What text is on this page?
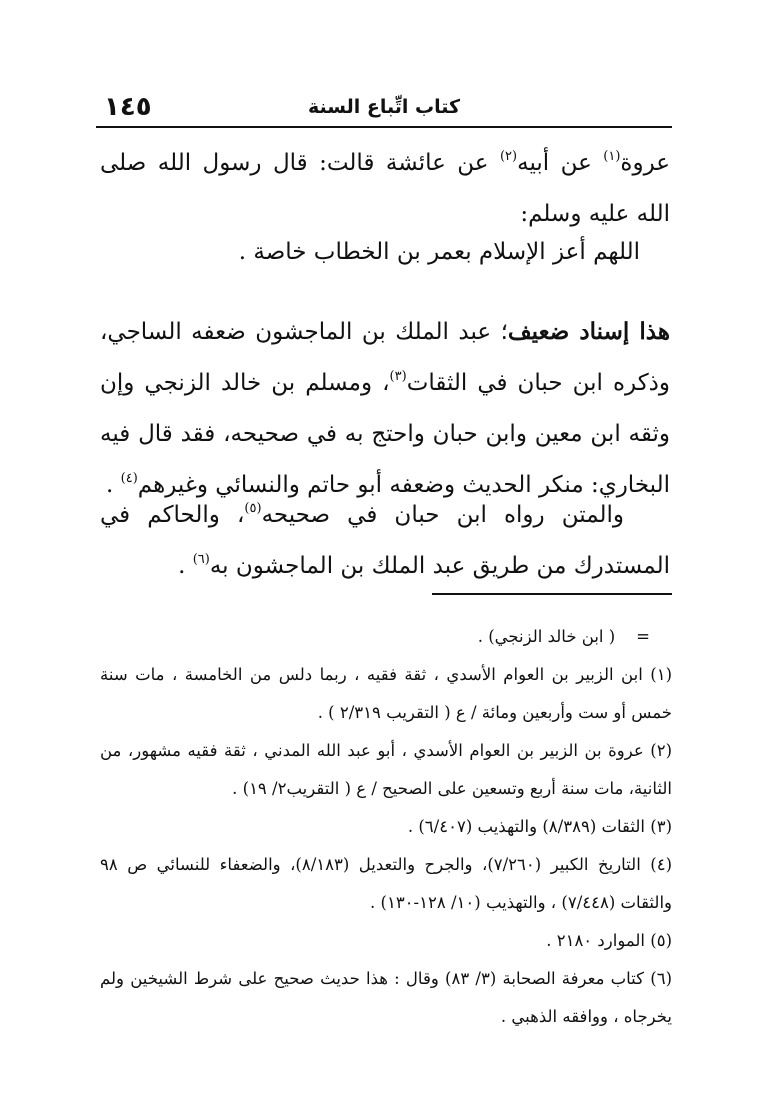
١٤٥	كتاب اتِّباع السنة

عروة$^{(١)}$ عن أبيه$^{(٢)}$ عن عائشة قالت: قال رسول الله صلى الله عليه وسلم:

اللهم أعز الإسلام بعمر بن الخطاب خاصة .

هذا إسناد ضعيف؛ عبد الملك بن الماجشون ضعفه الساجي، وذكره ابن حبان في الثقات$^{(٣)}$، ومسلم بن خالد الزنجي وإن وثقه ابن معين وابن حبان واحتج به في صحيحه، فقد قال فيه البخاري: منكر الحديث وضعفه أبو حاتم والنسائي وغيرهم$^{(٤)}$ .

والمتن رواه ابن حبان في صحيحه$^{(٥)}$، والحاكم في المستدرك من طريق عبد الملك بن الماجشون به$^{(٦)}$ .

=    ( ابن خالد الزنجي) .

(١) ابن الزبير بن العوام الأسدي ، ثقة فقيه ، ربما دلس من الخامسة ، مات سنة خمس أو ست وأربعين ومائة / ع ( التقريب ٢/٣١٩ ) .

(٢) عروة بن الزبير بن العوام الأسدي ، أبو عبد الله المدني ، ثقة فقيه مشهور، من الثانية، مات سنة أربع وتسعين على الصحيح / ع ( التقريب٢/ ١٩) .

(٣) الثقات (٨/٣٨٩) والتهذيب (٦/٤٠٧) .

(٤) التاريخ الكبير (٧/٢٦٠)، والجرح والتعديل (٨/١٨٣)، والضعفاء للنسائي ص ٩٨ والثقات (٧/٤٤٨) ، والتهذيب (١٠/ ١٢٨-١٣٠) .

(٥) الموارد ٢١٨٠ .

(٦) كتاب معرفة الصحابة (٣/ ٨٣) وقال : هذا حديث صحيح على شرط الشيخين ولم يخرجاه ، ووافقه الذهبي .
